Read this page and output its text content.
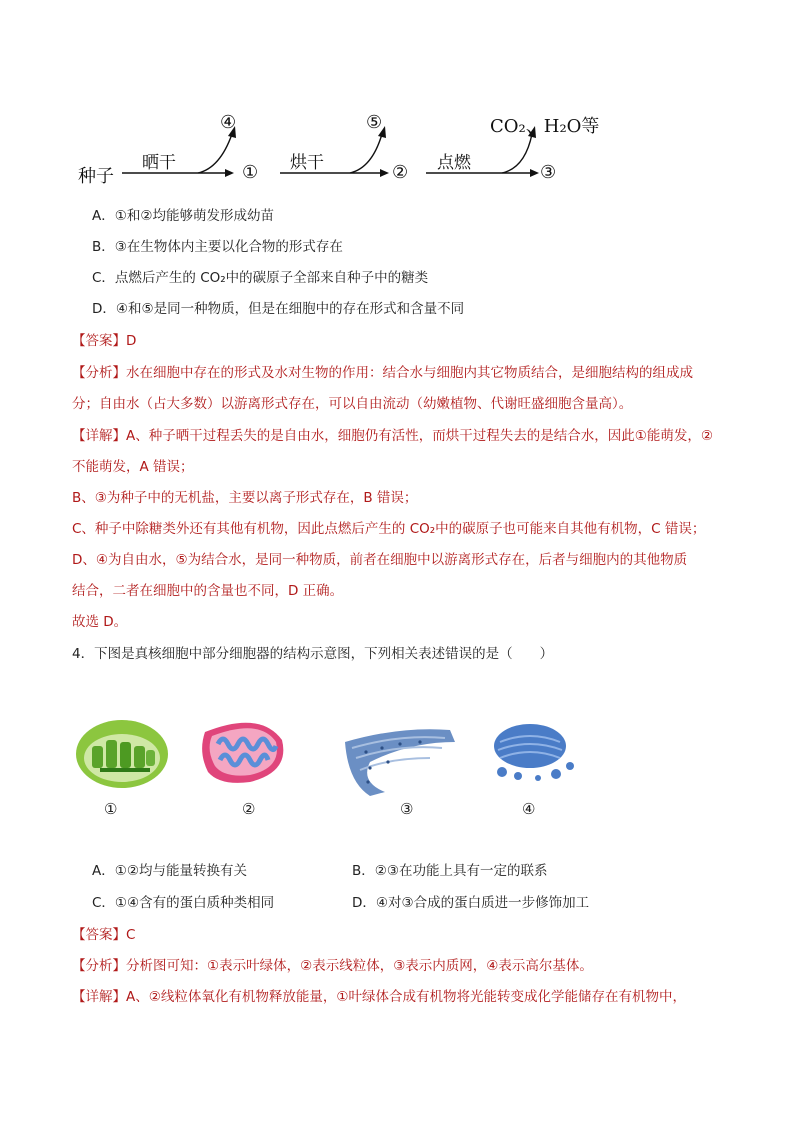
种子
晒干	①
④
烘干	②
⑤
点燃	③
CO₂、H₂O等
A．①和②均能够萌发形成幼苗
B．③在生物体内主要以化合物的形式存在
C．点燃后产生的 CO₂中的碳原子全部来自种子中的糖类
D．④和⑤是同一种物质，但是在细胞中的存在形式和含量不同
【答案】D
【分析】水在细胞中存在的形式及水对生物的作用：结合水与细胞内其它物质结合，是细胞结构的组成成
分；自由水（占大多数）以游离形式存在，可以自由流动（幼嫩植物、代谢旺盛细胞含量高）。
【详解】A、种子晒干过程丢失的是自由水，细胞仍有活性，而烘干过程失去的是结合水，因此①能萌发，②
不能萌发，A 错误；
B、③为种子中的无机盐，主要以离子形式存在，B 错误；
C、种子中除糖类外还有其他有机物，因此点燃后产生的 CO₂中的碳原子也可能来自其他有机物，C 错误；
D、④为自由水，⑤为结合水，是同一种物质，前者在细胞中以游离形式存在，后者与细胞内的其他物质
结合，二者在细胞中的含量也不同，D 正确。
故选 D。
4．下图是真核细胞中部分细胞器的结构示意图，下列相关表述错误的是（　　）
①	②	③	④
A．①②均与能量转换有关	B．②③在功能上具有一定的联系
C．①④含有的蛋白质种类相同	D．④对③合成的蛋白质进一步修饰加工
【答案】C
【分析】分析图可知：①表示叶绿体，②表示线粒体，③表示内质网，④表示高尔基体。
【详解】A、②线粒体氧化有机物释放能量，①叶绿体合成有机物将光能转变成化学能储存在有机物中，
